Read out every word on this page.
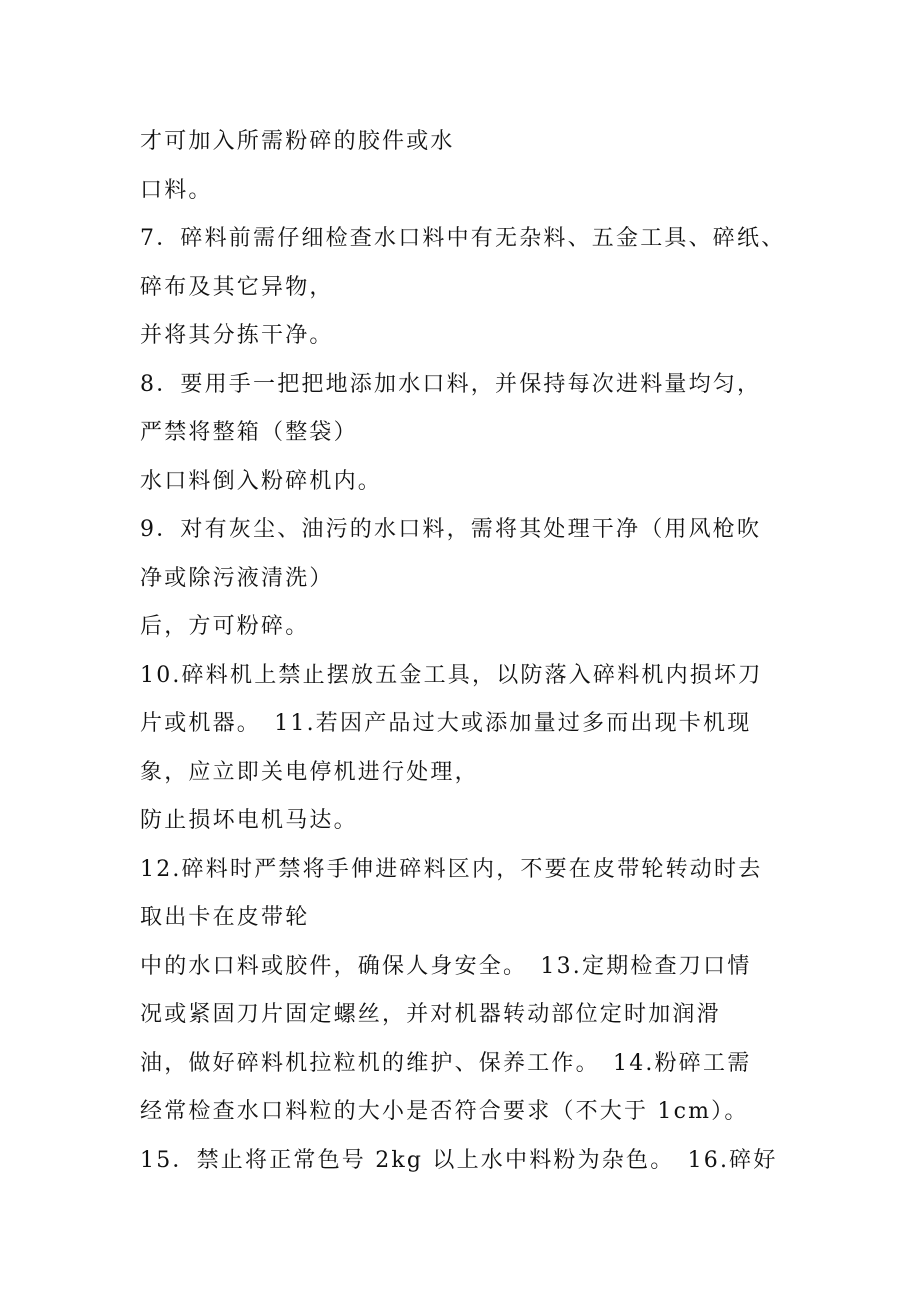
才可加入所需粉碎的胶件或水
口料。
7．碎料前需仔细检查水口料中有无杂料、五金工具、碎纸、
碎布及其它异物，
并将其分拣干净。
8．要用手一把把地添加水口料，并保持每次进料量均匀，
严禁将整箱（整袋）
水口料倒入粉碎机内。
9．对有灰尘、油污的水口料，需将其处理干净（用风枪吹
净或除污液清洗）
后，方可粉碎。
10.碎料机上禁止摆放五金工具，以防落入碎料机内损坏刀
片或机器。　11.若因产品过大或添加量过多而出现卡机现
象，应立即关电停机进行处理，
防止损坏电机马达。
12.碎料时严禁将手伸进碎料区内，不要在皮带轮转动时去
取出卡在皮带轮
中的水口料或胶件，确保人身安全。　13.定期检查刀口情
况或紧固刀片固定螺丝，并对机器转动部位定时加润滑
油，做好碎料机拉粒机的维护、保养工作。　14.粉碎工需
经常检查水口料粒的大小是否符合要求（不大于 1cm）。
15．禁止将正常色号 2kg 以上水中料粉为杂色。　16.碎好
